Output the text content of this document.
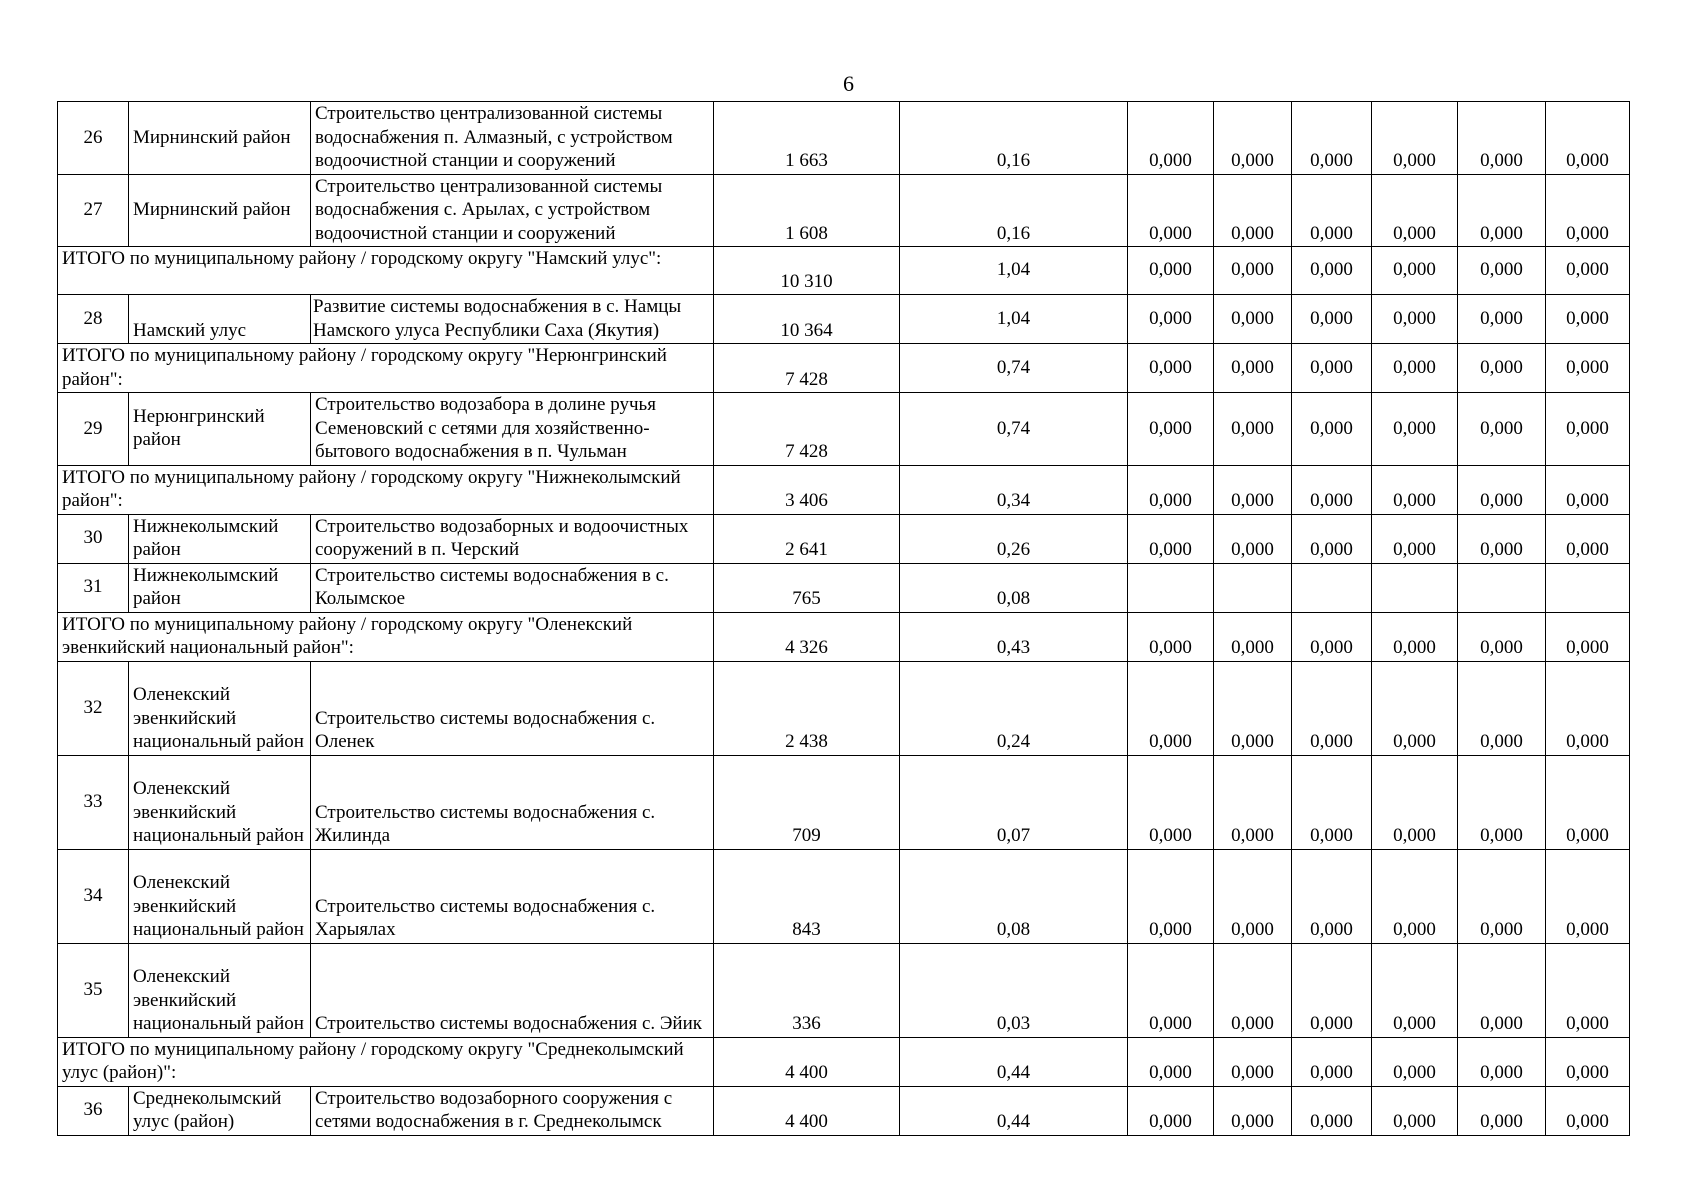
6
26	Мирнинский район	Строительство централизованной системы водоснабжения п. Алмазный, с устройством водоочистной станции и сооружений	1 663	0,16	0,000	0,000	0,000	0,000	0,000	0,000
27	Мирнинский район	Строительство централизованной системы водоснабжения с. Арылах, с устройством водоочистной станции и сооружений	1 608	0,16	0,000	0,000	0,000	0,000	0,000	0,000
ИТОГО по муниципальному району / городскому округу "Намский улус":			10 310	1,04	0,000	0,000	0,000	0,000	0,000	0,000
28	Намский улус	Развитие системы водоснабжения в с. Намцы Намского улуса Республики Саха (Якутия)	10 364	1,04	0,000	0,000	0,000	0,000	0,000	0,000
ИТОГО по муниципальному району / городскому округу "Нерюнгринский район":			7 428	0,74	0,000	0,000	0,000	0,000	0,000	0,000
29	Нерюнгринский район	Строительство водозабора в долине ручья Семеновский с сетями для хозяйственно-бытового водоснабжения в п. Чульман	7 428	0,74	0,000	0,000	0,000	0,000	0,000	0,000
ИТОГО по муниципальному району / городскому округу "Нижнеколымский район":			3 406	0,34	0,000	0,000	0,000	0,000	0,000	0,000
30	Нижнеколымский район	Строительство водозаборных и водоочистных сооружений в п. Черский	2 641	0,26	0,000	0,000	0,000	0,000	0,000	0,000
31	Нижнеколымский район	Строительство системы водоснабжения в с. Колымское	765	0,08						
ИТОГО по муниципальному району / городскому округу "Оленекский эвенкийский национальный район":			4 326	0,43	0,000	0,000	0,000	0,000	0,000	0,000
32	Оленекский эвенкийский национальный район	Строительство системы водоснабжения с. Оленек	2 438	0,24	0,000	0,000	0,000	0,000	0,000	0,000
33	Оленекский эвенкийский национальный район	Строительство системы водоснабжения с. Жилинда	709	0,07	0,000	0,000	0,000	0,000	0,000	0,000
34	Оленекский эвенкийский национальный район	Строительство системы водоснабжения с. Харыялах	843	0,08	0,000	0,000	0,000	0,000	0,000	0,000
35	Оленекский эвенкийский национальный район	Строительство системы водоснабжения с. Эйик	336	0,03	0,000	0,000	0,000	0,000	0,000	0,000
ИТОГО по муниципальному району / городскому округу "Среднеколымский улус (район)":			4 400	0,44	0,000	0,000	0,000	0,000	0,000	0,000
36	Среднеколымский улус (район)	Строительство водозаборного сооружения с сетями водоснабжения в г. Среднеколымск	4 400	0,44	0,000	0,000	0,000	0,000	0,000	0,000
